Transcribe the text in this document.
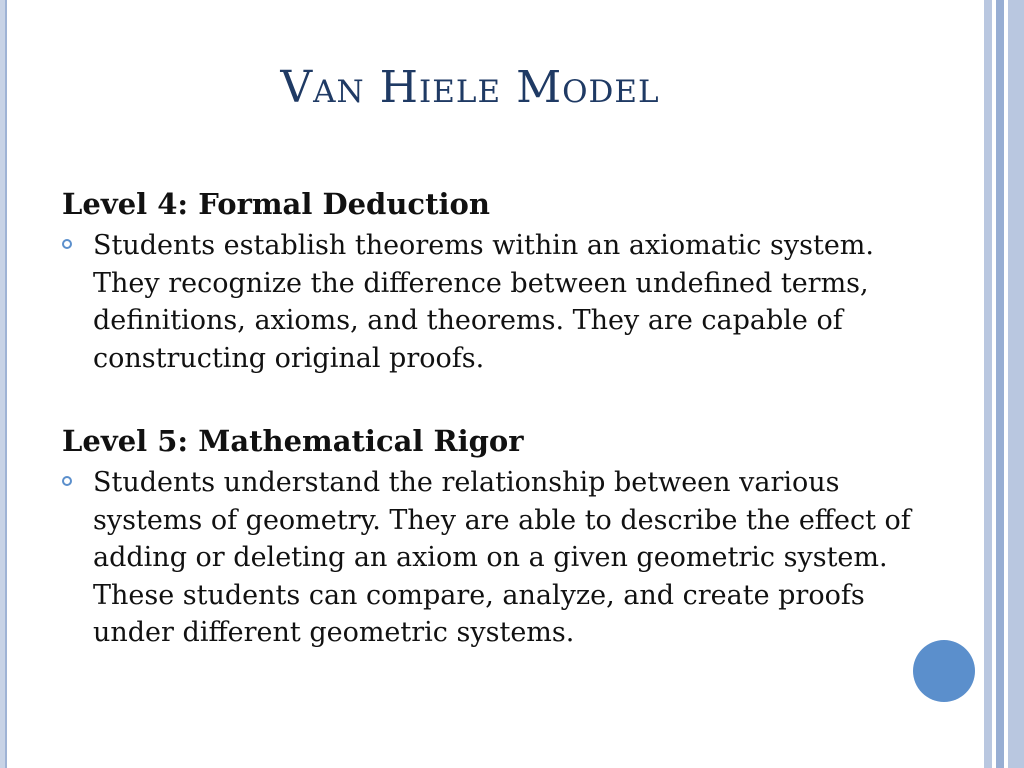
Van Hiele Model

Level 4: Formal Deduction

Students establish theorems within an axiomatic system. They recognize the difference between undefined terms, definitions, axioms, and theorems. They are capable of constructing original proofs.

Level 5: Mathematical Rigor

Students understand the relationship between various systems of geometry. They are able to describe the effect of adding or deleting an axiom on a given geometric system. These students can compare, analyze, and create proofs under different geometric systems.
